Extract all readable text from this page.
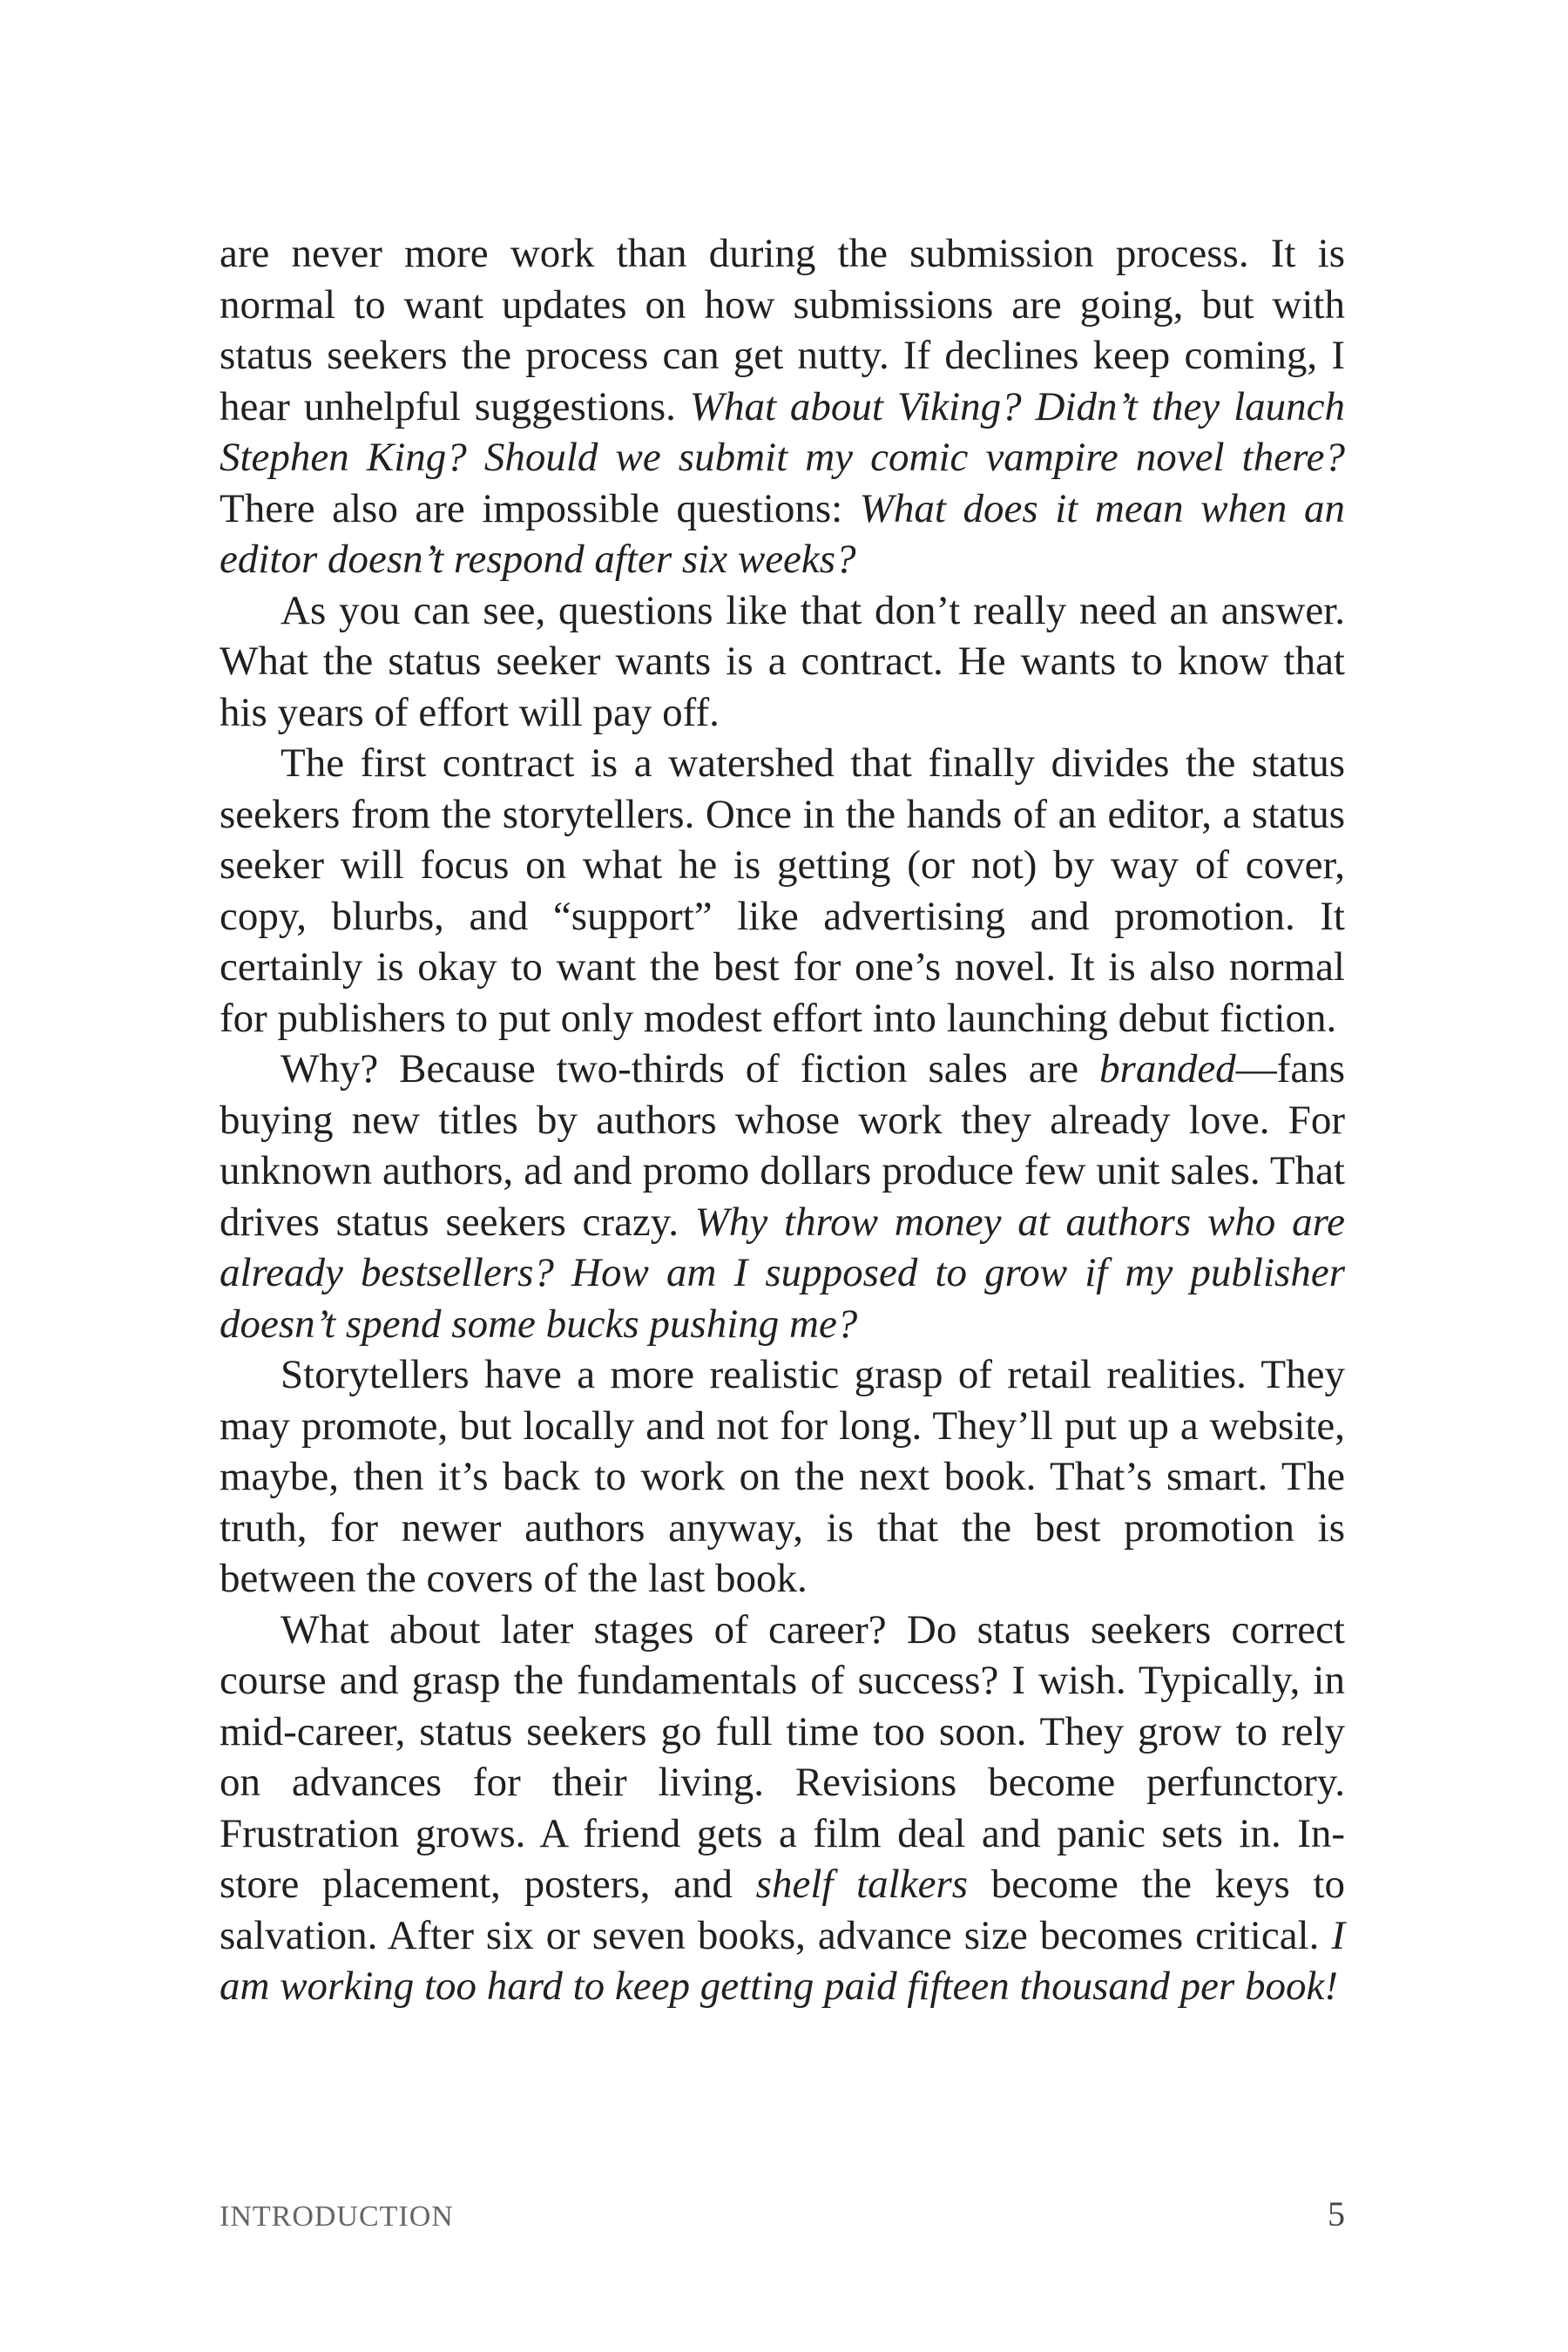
are never more work than during the submission process. It is normal to want updates on how submissions are going, but with status seekers the process can get nutty. If declines keep coming, I hear unhelpful suggestions. What about Viking? Didn’t they launch Stephen King? Should we submit my comic vampire novel there? There also are impossible questions: What does it mean when an editor doesn’t respond after six weeks?

As you can see, questions like that don’t really need an answer. What the status seeker wants is a contract. He wants to know that his years of effort will pay off.

The first contract is a watershed that finally divides the status seekers from the storytellers. Once in the hands of an editor, a status seeker will focus on what he is getting (or not) by way of cover, copy, blurbs, and “support” like advertising and promotion. It certainly is okay to want the best for one’s novel. It is also normal for publishers to put only modest effort into launching debut fiction.

Why? Because two-thirds of fiction sales are branded—fans buying new titles by authors whose work they already love. For unknown authors, ad and promo dollars produce few unit sales. That drives status seekers crazy. Why throw money at authors who are already bestsellers? How am I supposed to grow if my publisher doesn’t spend some bucks pushing me?

Storytellers have a more realistic grasp of retail realities. They may promote, but locally and not for long. They’ll put up a website, maybe, then it’s back to work on the next book. That’s smart. The truth, for newer authors anyway, is that the best promotion is between the covers of the last book.

What about later stages of career? Do status seekers correct course and grasp the fundamentals of success? I wish. Typically, in mid-career, status seekers go full time too soon. They grow to rely on advances for their living. Revisions become perfunctory. Frustration grows. A friend gets a film deal and panic sets in. In-store placement, posters, and shelf talkers become the keys to salvation. After six or seven books, advance size becomes critical. I am working too hard to keep getting paid fifteen thousand per book!

INTRODUCTION	5
